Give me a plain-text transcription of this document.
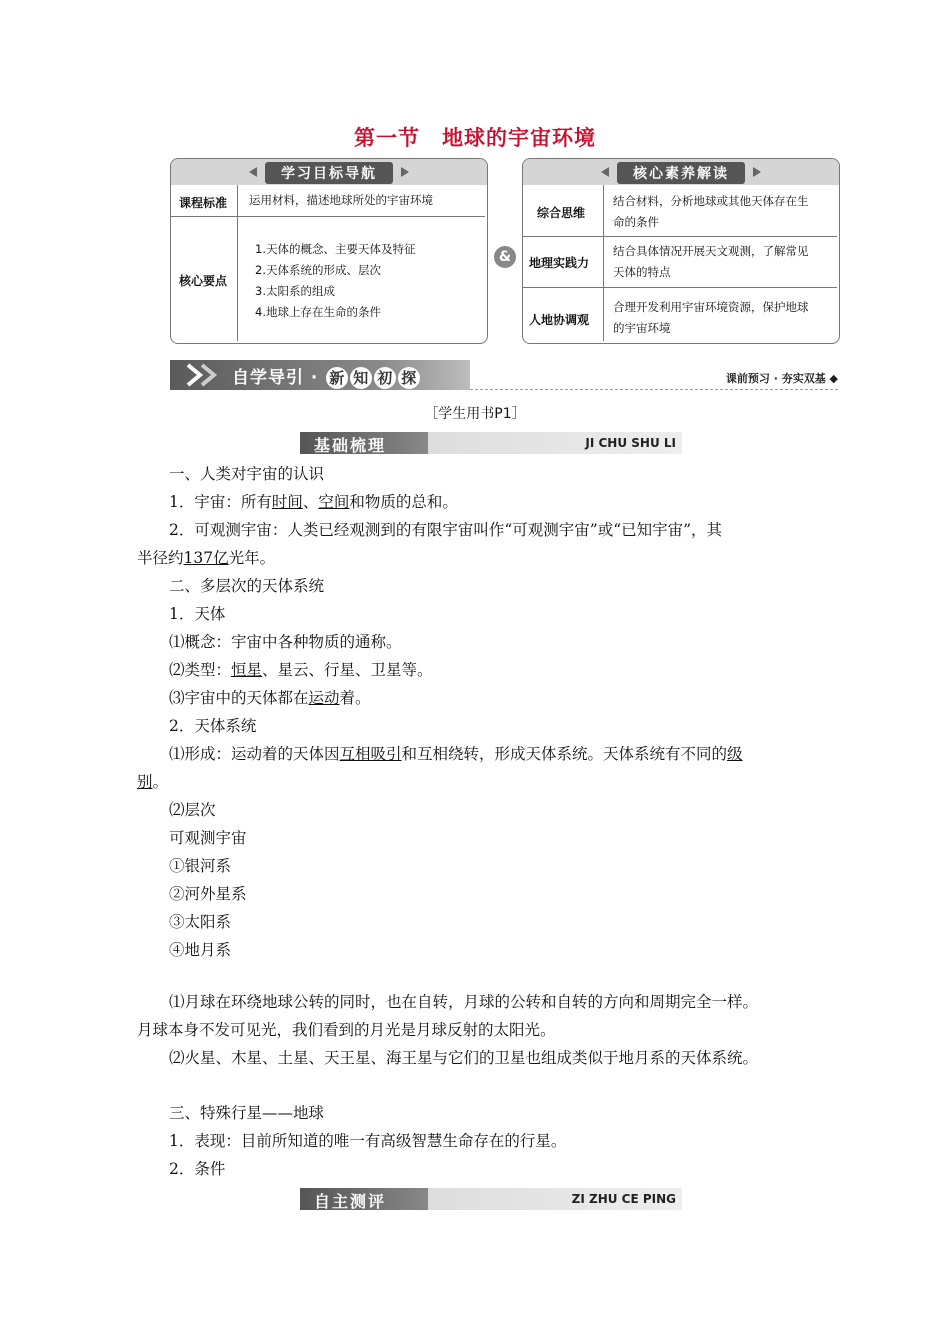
第一节　地球的宇宙环境
学习目标导航
课程标准 运用材料，描述地球所处的宇宙环境
核心要点
1.天体的概念、主要天体及特征
2.天体系统的形成、层次
3.太阳系的组成
4.地球上存在生命的条件
&
核心素养解读
综合思维
结合材料，分析地球或其他天体存在生
命的条件
地理实践力
结合具体情况开展天文观测，了解常见
天体的特点
人地协调观
合理开发利用宇宙环境资源，保护地球
的宇宙环境
自学导引 · 新 知 初 探	课前预习 · 夯实双基 ◆
［学生用书P1］
基础梳理	JI CHU SHU LI
一、人类对宇宙的认识
1．宇宙：所有时间、空间和物质的总和。
2．可观测宇宙：人类已经观测到的有限宇宙叫作“可观测宇宙”或“已知宇宙”，其
半径约137亿光年。
二、多层次的天体系统
1．天体
⑴概念：宇宙中各种物质的通称。
⑵类型：恒星、星云、行星、卫星等。
⑶宇宙中的天体都在运动着。
2．天体系统
⑴形成：运动着的天体因互相吸引和互相绕转，形成天体系统。天体系统有不同的级
别。
⑵层次
可观测宇宙
①银河系
②河外星系
③太阳系
④地月系
⑴月球在环绕地球公转的同时，也在自转，月球的公转和自转的方向和周期完全一样。
月球本身不发可见光，我们看到的月光是月球反射的太阳光。
⑵火星、木星、土星、天王星、海王星与它们的卫星也组成类似于地月系的天体系统。
三、特殊行星——地球
1．表现：目前所知道的唯一有高级智慧生命存在的行星。
2．条件
自主测评	ZI ZHU CE PING
